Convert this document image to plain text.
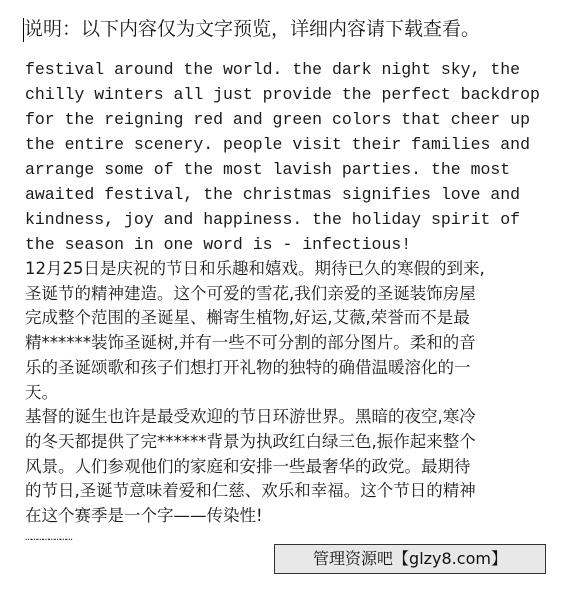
说明：以下内容仅为文字预览，详细内容请下载查看。
festival around the world. the dark night sky, the
chilly winters all just provide the perfect backdrop
for the reigning red and green colors that cheer up
the entire scenery. people visit their families and
arrange some of the most lavish parties. the most
awaited festival, the christmas signifies love and
kindness, joy and happiness. the holiday spirit of
the season in one word is - infectious!
12月25日是庆祝的节日和乐趣和嬉戏。期待已久的寒假的到来,
圣诞节的精神建造。这个可爱的雪花,我们亲爱的圣诞装饰房屋
完成整个范围的圣诞星、槲寄生植物,好运,艾薇,荣誉而不是最
精******装饰圣诞树,并有一些不可分割的部分图片。柔和的音
乐的圣诞颂歌和孩子们想打开礼物的独特的确借温暖溶化的一
天。
基督的诞生也许是最受欢迎的节日环游世界。黑暗的夜空,寒冷
的冬天都提供了完******背景为执政红白绿三色,振作起来整个
风景。人们参观他们的家庭和安排一些最奢华的政党。最期待
的节日,圣诞节意味着爱和仁慈、欢乐和幸福。这个节日的精神
在这个赛季是一个字——传染性!
……………………
管理资源吧【glzy8.com】
